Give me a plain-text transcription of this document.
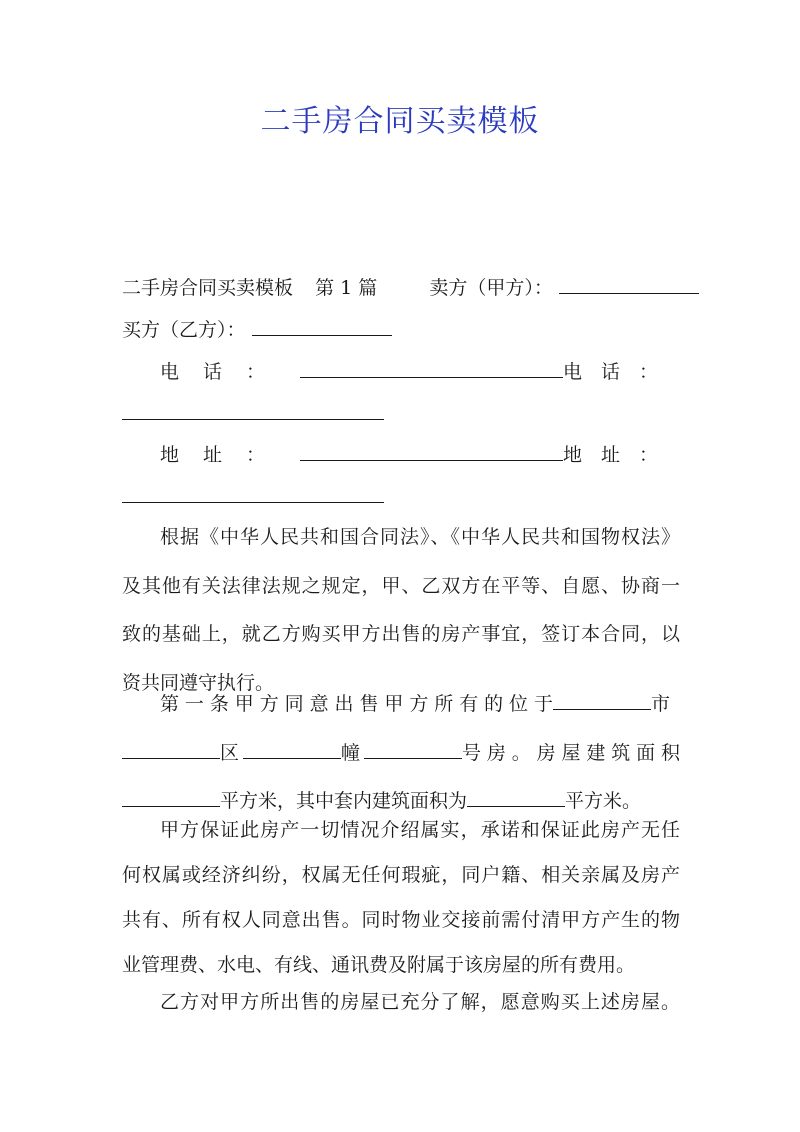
二手房合同买卖模板
二手房合同买卖模板 第 1 篇	卖方（甲方）：
买方（乙方）：
电 话 ：	电 话 ：
地 址 ：	地 址 ：
根据《中华人民共和国合同法》、《中华人民共和国物权法》
及其他有关法律法规之规定，甲、乙双方在平等、自愿、协商一
致的基础上，就乙方购买甲方出售的房产事宜，签订本合同，以
资共同遵守执行。
第一条甲方同意出售甲方所有的位于	市
区	幢	号房。房屋建筑面积
平方米，其中套内建筑面积为	平方米。
甲方保证此房产一切情况介绍属实，承诺和保证此房产无任
何权属或经济纠纷，权属无任何瑕疵，同户籍、相关亲属及房产
共有、所有权人同意出售。同时物业交接前需付清甲方产生的物
业管理费、水电、有线、通讯费及附属于该房屋的所有费用。
乙方对甲方所出售的房屋已充分了解，愿意购买上述房屋。
